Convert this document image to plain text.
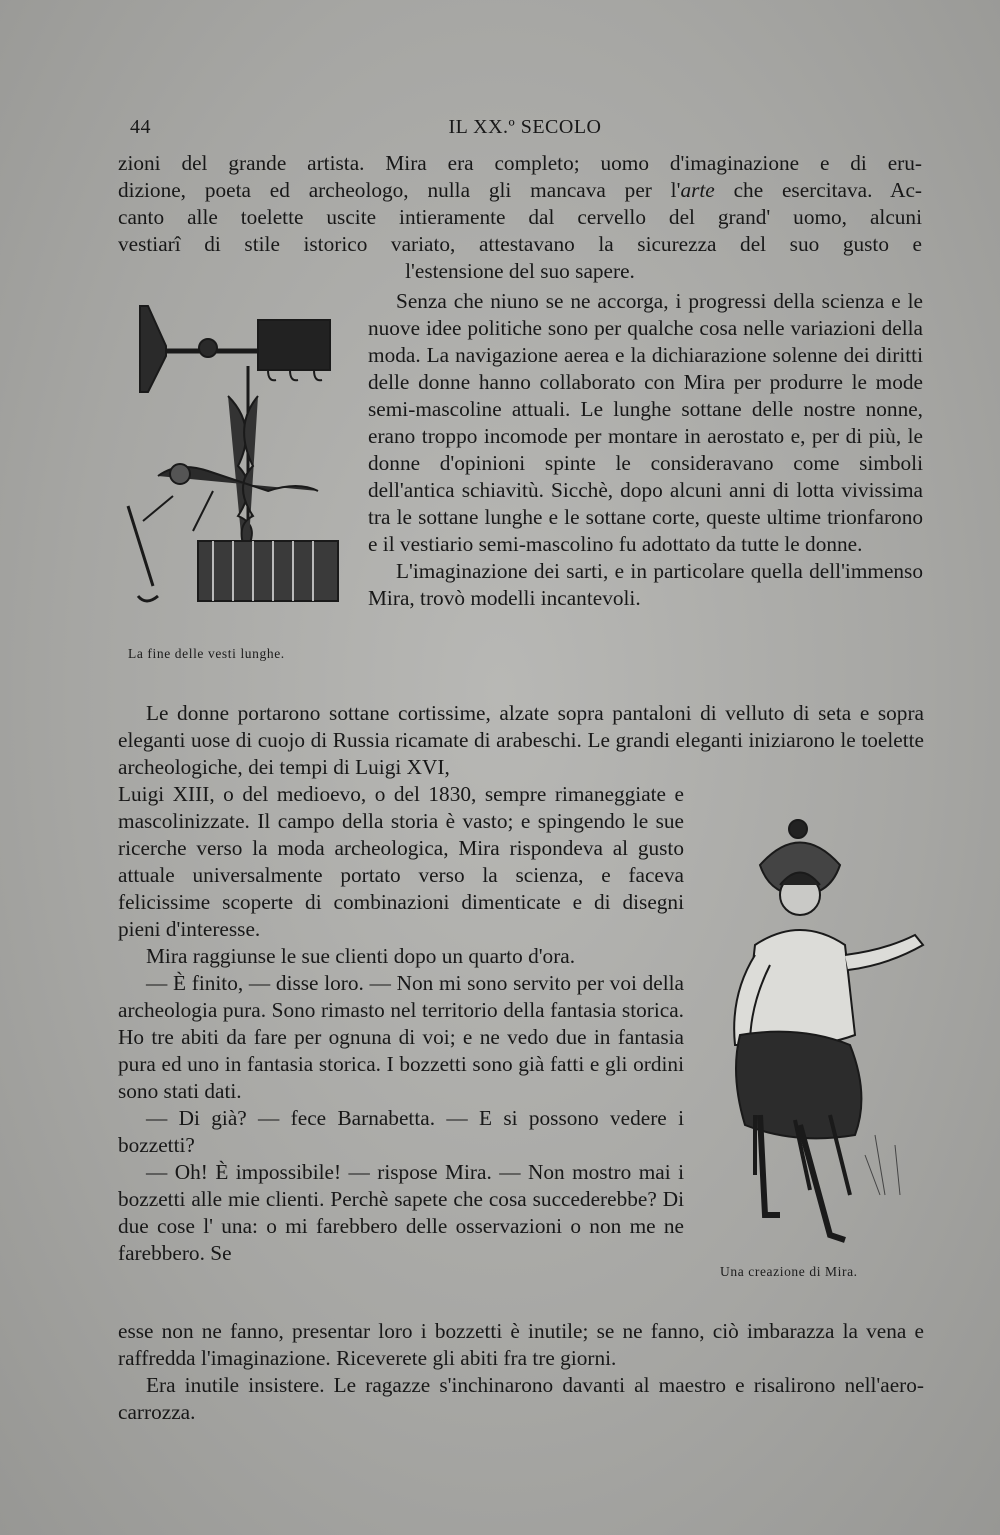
44	IL XX.º SECOLO
zioni del grande artista. Mira era completo; uomo d'imaginazione e di eru-
dizione, poeta ed archeologo, nulla gli mancava per l'arte che esercitava. Ac-
canto alle toelette uscite intieramente dal cervello del grand' uomo, alcuni
vestiarî di stile istorico variato, attestavano la sicurezza del suo gusto e
l'estensione del suo sapere.
La fine delle vesti lunghe.

Senza che niuno se ne accorga, i progressi della scienza e le nuove idee politiche sono per qualche cosa nelle variazioni della moda. La navigazione aerea e la dichiarazione solenne dei diritti delle donne hanno collaborato con Mira per produrre le mode semi-mascoline attuali. Le lunghe sottane delle nostre nonne, erano troppo incomode per montare in aerostato e, per di più, le donne d'opinioni spinte le consideravano come simboli dell'antica schiavitù. Sicchè, dopo alcuni anni di lotta vivissima tra le sottane lunghe e le sottane corte, queste ultime trionfarono e il vestiario semi-mascolino fu adottato da tutte le donne.

L'imaginazione dei sarti, e in particolare quella dell'immenso Mira, trovò modelli incantevoli.

Le donne portarono sottane cortissime, alzate sopra pantaloni di velluto di seta e sopra eleganti uose di cuojo di Russia ricamate di arabeschi. Le grandi eleganti iniziarono le toelette archeologiche, dei tempi di Luigi XVI,

Luigi XIII, o del medioevo, o del 1830, sempre rimaneggiate e mascolinizzate. Il campo della storia è vasto; e spingendo le sue ricerche verso la moda archeologica, Mira rispondeva al gusto attuale universalmente portato verso la scienza, e faceva felicissime scoperte di combinazioni dimenticate e di disegni pieni d'interesse.

Mira raggiunse le sue clienti dopo un quarto d'ora.

— È finito, — disse loro. — Non mi sono servito per voi della archeologia pura. Sono rimasto nel territorio della fantasia storica. Ho tre abiti da fare per ognuna di voi; e ne vedo due in fantasia pura ed uno in fantasia storica. I bozzetti sono già fatti e gli ordini sono stati dati.

— Di già? — fece Barnabetta. — E si possono vedere i bozzetti?

— Oh! È impossibile! — rispose Mira. — Non mostro mai i bozzetti alle mie clienti. Perchè sapete che cosa succederebbe? Di due cose l' una: o mi farebbero delle osservazioni o non me ne farebbero. Se

Una creazione di Mira.

esse non ne fanno, presentar loro i bozzetti è inutile; se ne fanno, ciò imbarazza la vena e raffredda l'imaginazione. Riceverete gli abiti fra tre giorni.

Era inutile insistere. Le ragazze s'inchinarono davanti al maestro e risalirono nell'aero-carrozza.
